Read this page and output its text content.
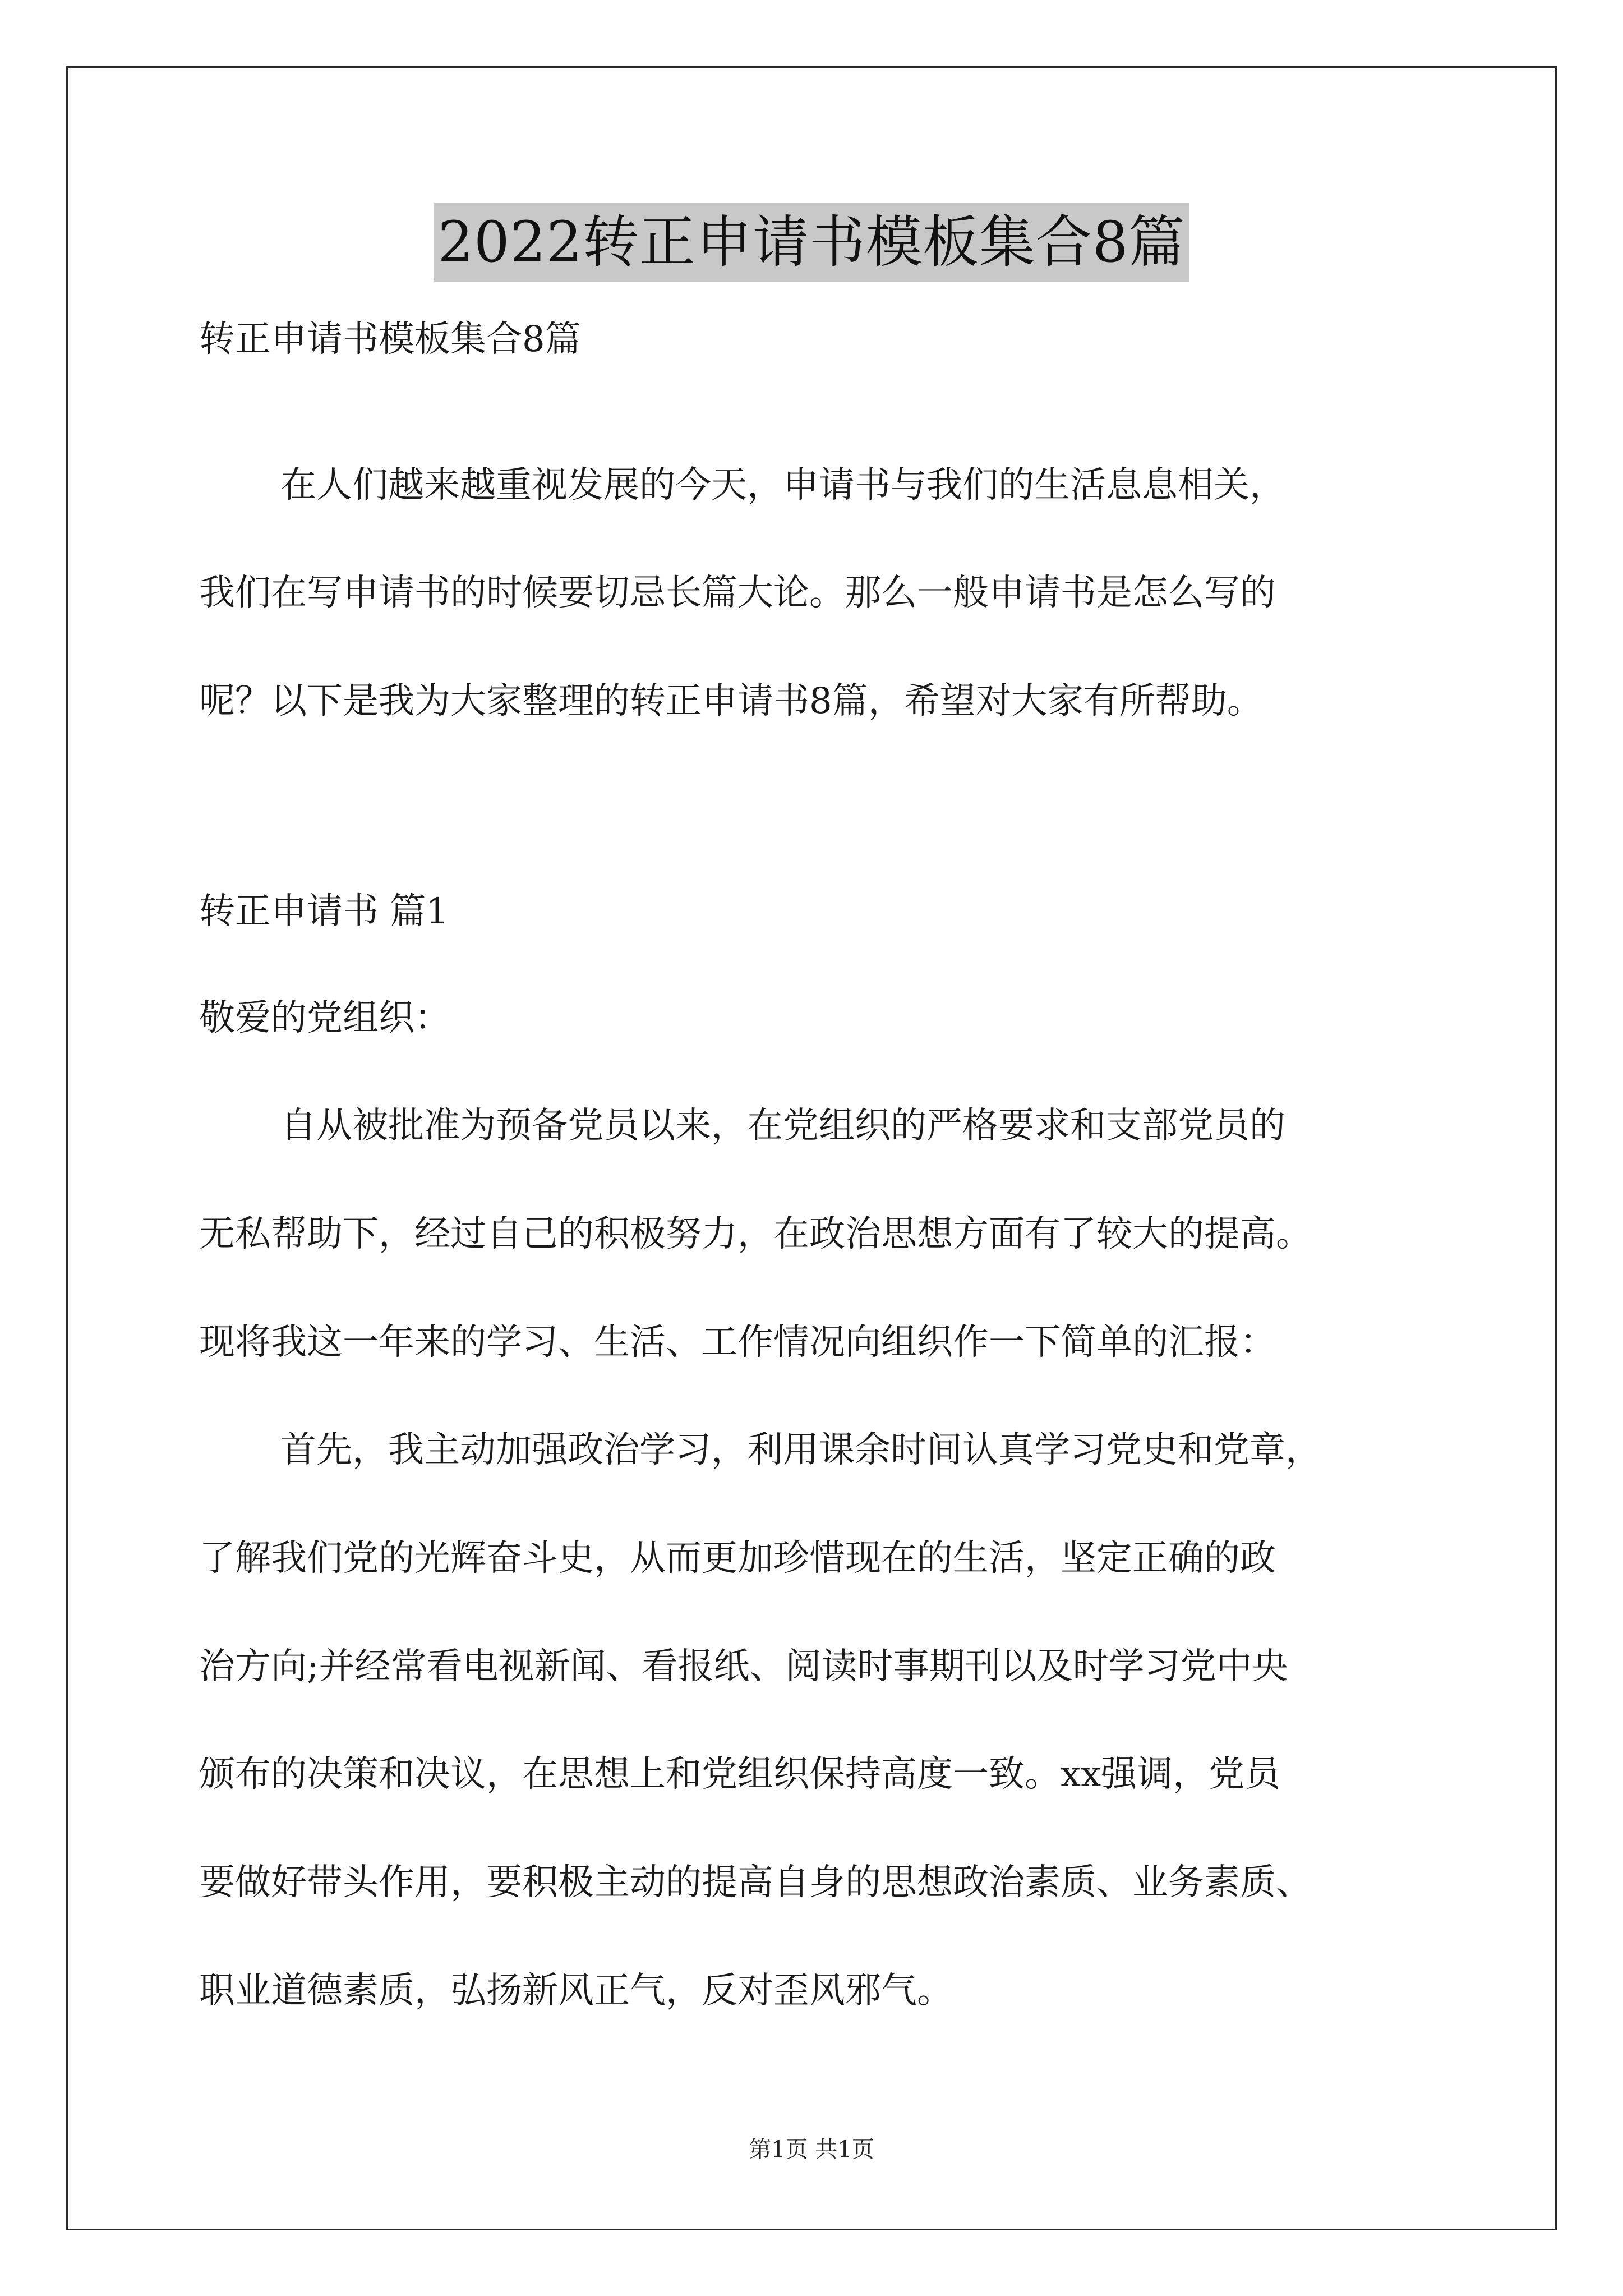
2022转正申请书模板集合8篇
转正申请书模板集合8篇
在人们越来越重视发展的今天，申请书与我们的生活息息相关，
我们在写申请书的时候要切忌长篇大论。那么一般申请书是怎么写的
呢？以下是我为大家整理的转正申请书8篇，希望对大家有所帮助。
转正申请书 篇1
敬爱的党组织：
自从被批准为预备党员以来，在党组织的严格要求和支部党员的
无私帮助下，经过自己的积极努力，在政治思想方面有了较大的提高。
现将我这一年来的学习、生活、工作情况向组织作一下简单的汇报：
首先，我主动加强政治学习，利用课余时间认真学习党史和党章，
了解我们党的光辉奋斗史，从而更加珍惜现在的生活，坚定正确的政
治方向;并经常看电视新闻、看报纸、阅读时事期刊以及时学习党中央
颁布的决策和决议，在思想上和党组织保持高度一致。xx强调，党员
要做好带头作用，要积极主动的提高自身的思想政治素质、业务素质、
职业道德素质，弘扬新风正气，反对歪风邪气。
第1页 共1页
